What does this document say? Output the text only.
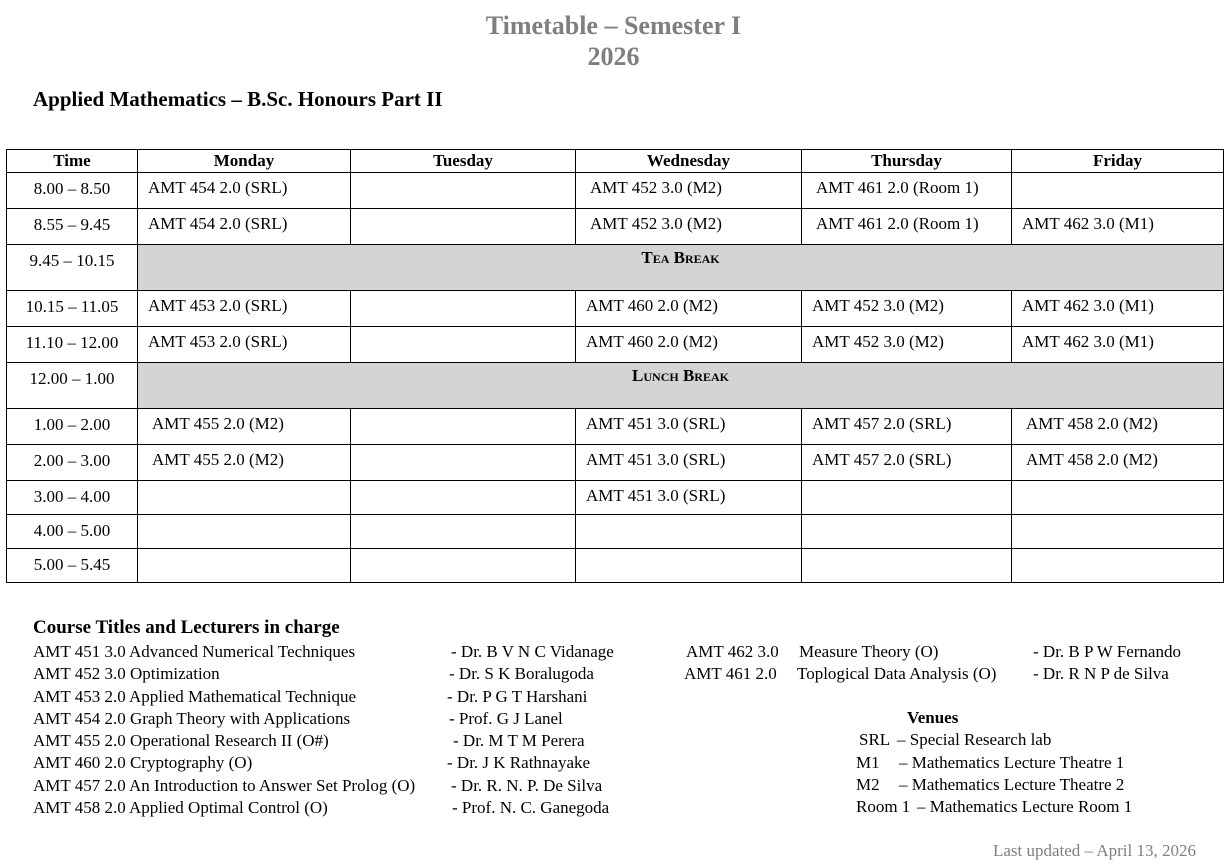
Timetable – Semester I
2026
Applied Mathematics – B.Sc. Honours Part II
Time	Monday	Tuesday	Wednesday	Thursday	Friday
8.00 – 8.50	AMT 454 2.0 (SRL)		AMT 452 3.0 (M2)	AMT 461 2.0 (Room 1)	
8.55 – 9.45	AMT 454 2.0 (SRL)		AMT 452 3.0 (M2)	AMT 461 2.0 (Room 1)	AMT 462 3.0 (M1)
9.45 – 10.15	Tea Break				
10.15 – 11.05	AMT 453 2.0 (SRL)		AMT 460 2.0 (M2)	AMT 452 3.0 (M2)	AMT 462 3.0 (M1)
11.10 – 12.00	AMT 453 2.0 (SRL)		AMT 460 2.0 (M2)	AMT 452 3.0 (M2)	AMT 462 3.0 (M1)
12.00 – 1.00	Lunch Break				
1.00 – 2.00	AMT 455 2.0 (M2)		AMT 451 3.0 (SRL)	AMT 457 2.0 (SRL)	AMT 458 2.0 (M2)
2.00 – 3.00	AMT 455 2.0 (M2)		AMT 451 3.0 (SRL)	AMT 457 2.0 (SRL)	AMT 458 2.0 (M2)
3.00 – 4.00			AMT 451 3.0 (SRL)		
4.00 – 5.00					
5.00 – 5.45					
Course Titles and Lecturers in charge
AMT 451 3.0 Advanced Numerical Techniques	- Dr. B V N C Vidanage
AMT 452 3.0 Optimization	- Dr. S K Boralugoda
AMT 453 2.0 Applied Mathematical Technique	- Dr. P G T Harshani
AMT 454 2.0 Graph Theory with Applications	- Prof. G J Lanel
AMT 455 2.0 Operational Research II (O#)	- Dr. M T M Perera
AMT 460 2.0 Cryptography (O)	- Dr. J K Rathnayake
AMT 457 2.0 An Introduction to Answer Set Prolog (O) - Dr. R. N. P. De Silva
AMT 458 2.0 Applied Optimal Control (O)	- Prof. N. C. Ganegoda
AMT 462 3.0 Measure Theory (O)	- Dr. B P W Fernando
AMT 461 2.0 Toplogical Data Analysis (O) - Dr. R N P de Silva
Venues
SRL – Special Research lab
M1 – Mathematics Lecture Theatre 1
M2 – Mathematics Lecture Theatre 2
Room 1 – Mathematics Lecture Room 1
Last updated – April 13, 2026
